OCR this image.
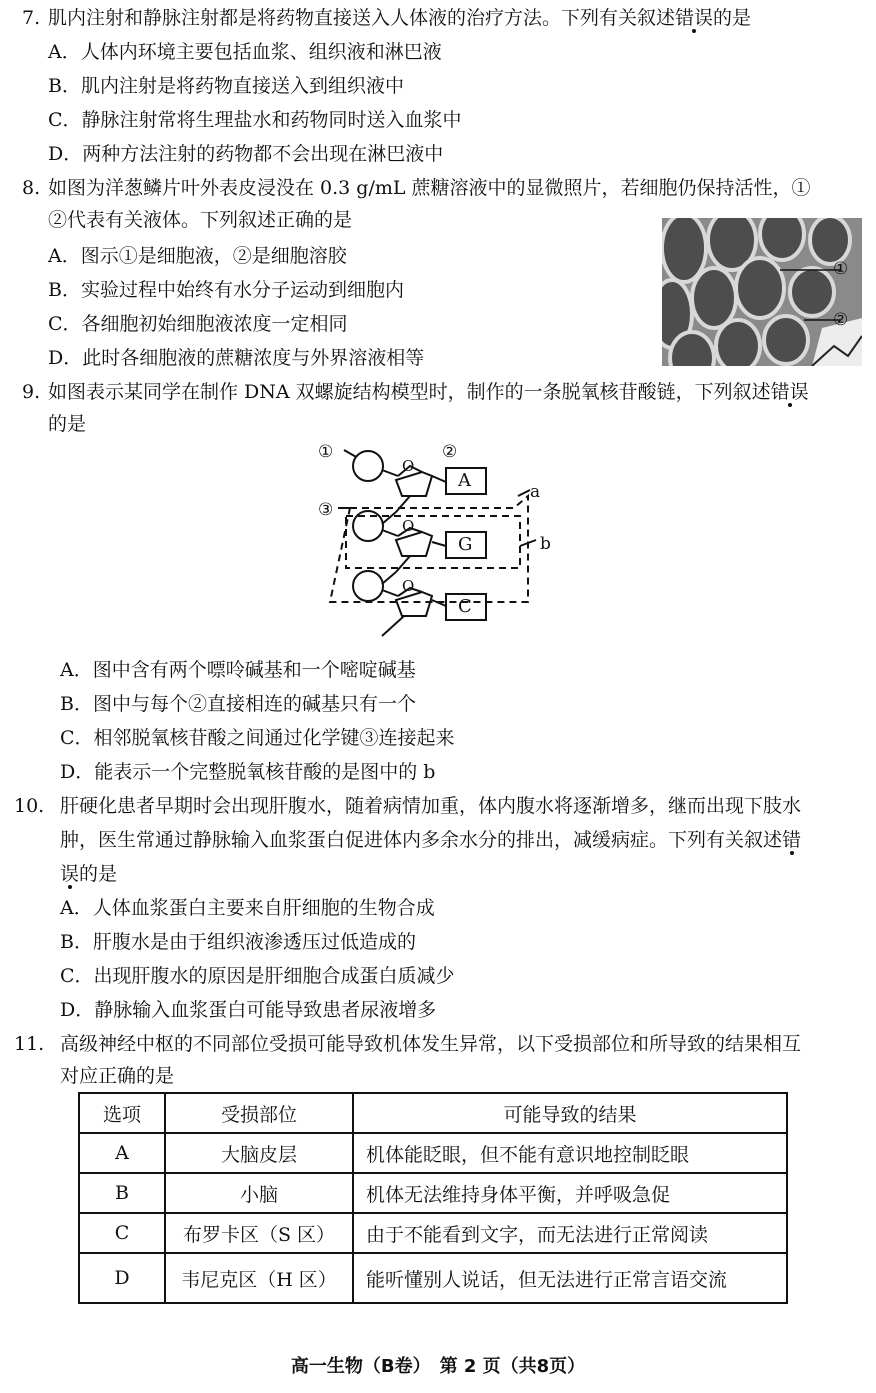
7. 肌内注射和静脉注射都是将药物直接送入人体液的治疗方法。下列有关叙述错误的是
A．人体内环境主要包括血浆、组织液和淋巴液
B．肌内注射是将药物直接送入到组织液中
C．静脉注射常将生理盐水和药物同时送入血浆中
D．两种方法注射的药物都不会出现在淋巴液中
8. 如图为洋葱鳞片叶外表皮浸没在 0.3 g/mL 蔗糖溶液中的显微照片，若细胞仍保持活性，①
②代表有关液体。下列叙述正确的是
A．图示①是细胞液，②是细胞溶胶
B．实验过程中始终有水分子运动到细胞内
C．各细胞初始细胞液浓度一定相同
D．此时各细胞液的蔗糖浓度与外界溶液相等
①
②
9. 如图表示某同学在制作 DNA 双螺旋结构模型时，制作的一条脱氧核苷酸链，下列叙述错误
的是
①	②
③
O
O
O
A
G
C
a
b
A．图中含有两个嘌呤碱基和一个嘧啶碱基
B．图中与每个②直接相连的碱基只有一个
C．相邻脱氧核苷酸之间通过化学键③连接起来
D．能表示一个完整脱氧核苷酸的是图中的 b
10. 肝硬化患者早期时会出现肝腹水，随着病情加重，体内腹水将逐渐增多，继而出现下肢水
肿，医生常通过静脉输入血浆蛋白促进体内多余水分的排出，减缓病症。下列有关叙述错
误的是
A．人体血浆蛋白主要来自肝细胞的生物合成
B．肝腹水是由于组织液渗透压过低造成的
C．出现肝腹水的原因是肝细胞合成蛋白质减少
D．静脉输入血浆蛋白可能导致患者尿液增多
11. 高级神经中枢的不同部位受损可能导致机体发生异常，以下受损部位和所导致的结果相互
对应正确的是
选项	受损部位	可能导致的结果
A	大脑皮层	机体能眨眼，但不能有意识地控制眨眼
B	小脑	机体无法维持身体平衡，并呼吸急促
C	布罗卡区（S 区）	由于不能看到文字，而无法进行正常阅读
D	韦尼克区（H 区）	能听懂别人说话，但无法进行正常言语交流
高一生物（B卷）　第 2 页（共8页）
